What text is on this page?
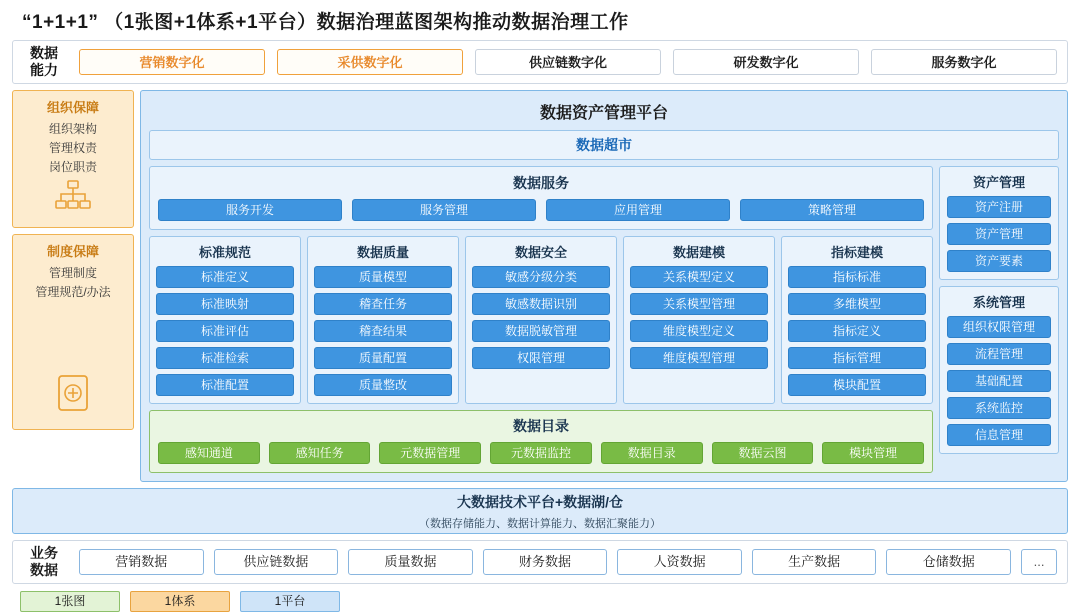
“1+1+1” （1张图+1体系+1平台）数据治理蓝图架构推动数据治理工作
数据
能力	营销数字化	采供数字化	供应链数字化	研发数字化	服务数字化
组织保障
组织架构
管理权责
岗位职责
制度保障
管理制度
管理规范/办法
数据资产管理平台
数据超市
数据服务
服务开发	服务管理	应用管理	策略管理
标准规范
标准定义
标准映射
标准评估
标准检索
标准配置
数据质量
质量模型
稽查任务
稽查结果
质量配置
质量整改
数据安全
敏感分级分类
敏感数据识别
数据脱敏管理
权限管理
数据建模
关系模型定义
关系模型管理
维度模型定义
维度模型管理
指标建模
指标标准
多维模型
指标定义
指标管理
模块配置
数据目录
感知通道	感知任务	元数据管理	元数据监控	数据目录	数据云图	模块管理
资产管理
资产注册
资产管理
资产要素
系统管理
组织权限管理
流程管理
基础配置
系统监控
信息管理
大数据技术平台+数据湖/仓
（数据存储能力、数据计算能力、数据汇聚能力）
业务
数据
营销数据	供应链数据	质量数据	财务数据	人资数据	生产数据	仓储数据	...
1张图	1体系	1平台
